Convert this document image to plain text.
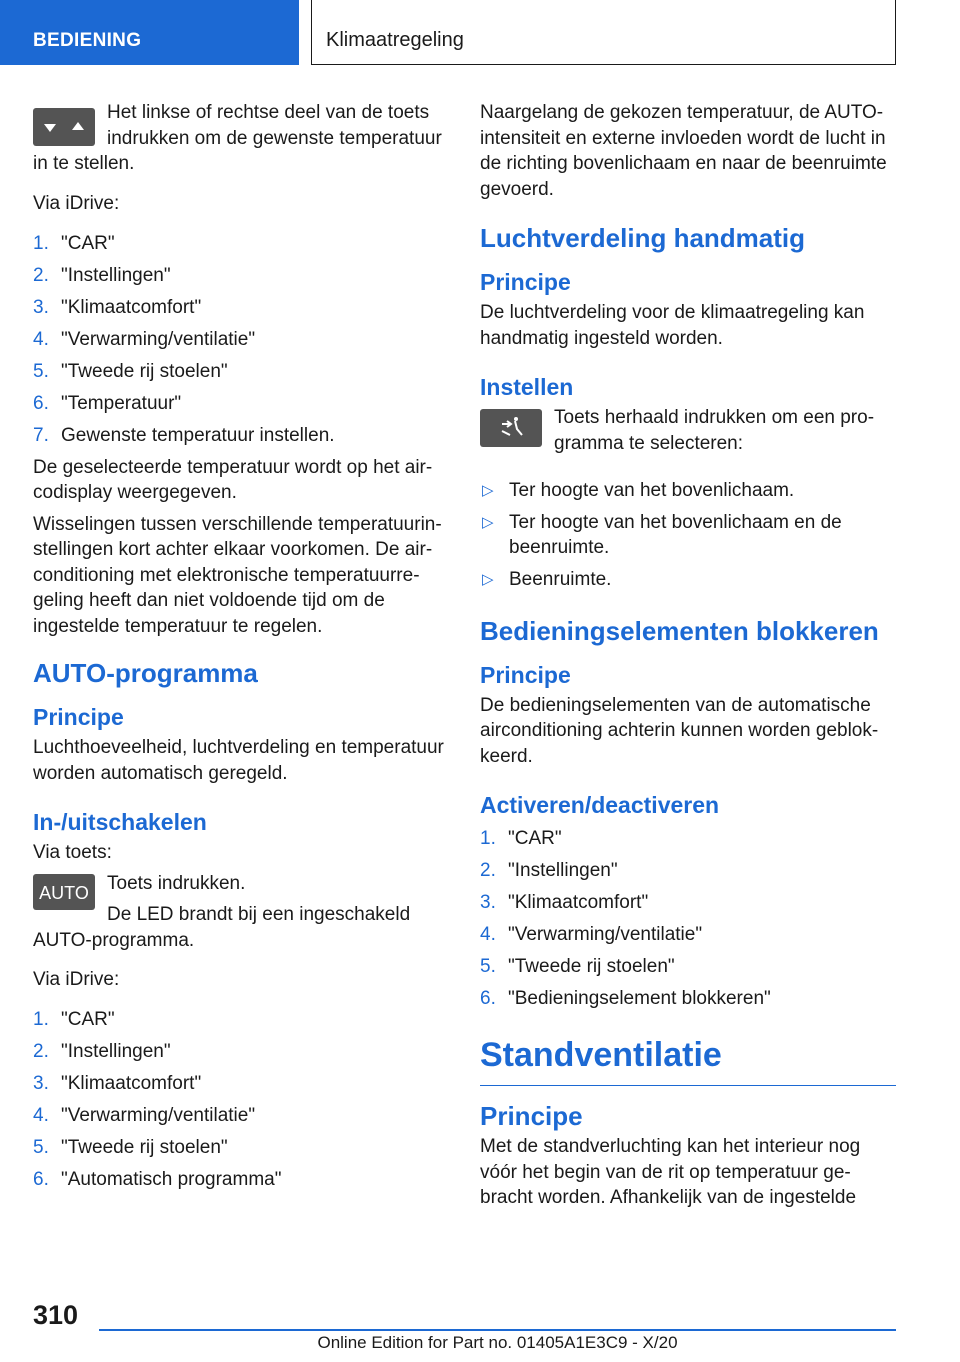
BEDIENING	Klimaatregeling

Het linkse of rechtse deel van de toets indrukken om de gewenste temperatuur in te stellen.

Via iDrive:

1. "CAR"
2. "Instellingen"
3. "Klimaatcomfort"
4. "Verwarming/ventilatie"
5. "Tweede rij stoelen"
6. "Temperatuur"
7. Gewenste temperatuur instellen.

De geselecteerde temperatuur wordt op het aircodisplay weergegeven.

Wisselingen tussen verschillende temperatuurinstellingen kort achter elkaar voorkomen. De airconditioning met elektronische temperatuurregeling heeft dan niet voldoende tijd om de ingestelde temperatuur te regelen.

AUTO-programma
Principe

Luchthoeveelheid, luchtverdeling en temperatuur worden automatisch geregeld.

In-/uitschakelen

Via toets:

AUTO Toets indrukken.

De LED brandt bij een ingeschakeld AUTO-programma.

Via iDrive:

1. "CAR"
2. "Instellingen"
3. "Klimaatcomfort"
4. "Verwarming/ventilatie"
5. "Tweede rij stoelen"
6. "Automatisch programma"

Naargelang de gekozen temperatuur, de AUTO-intensiteit en externe invloeden wordt de lucht in de richting bovenlichaam en naar de beenruimte gevoerd.

Luchtverdeling handmatig
Principe

De luchtverdeling voor de klimaatregeling kan handmatig ingesteld worden.

Instellen

Toets herhaald indrukken om een programma te selecteren:

▷ Ter hoogte van het bovenlichaam.
▷ Ter hoogte van het bovenlichaam en de beenruimte.
▷ Beenruimte.
Bedieningselementen blokkeren
Principe

De bedieningselementen van de automatische airconditioning achterin kunnen worden geblokkeerd.

Activeren/deactiveren
1. "CAR"
2. "Instellingen"
3. "Klimaatcomfort"
4. "Verwarming/ventilatie"
5. "Tweede rij stoelen"
6. "Bedieningselement blokkeren"
Standventilatie
Principe

Met de standverluchting kan het interieur nog vóór het begin van de rit op temperatuur gebracht worden. Afhankelijk van de ingestelde

310
Online Edition for Part no. 01405A1E3C9 - X/20
